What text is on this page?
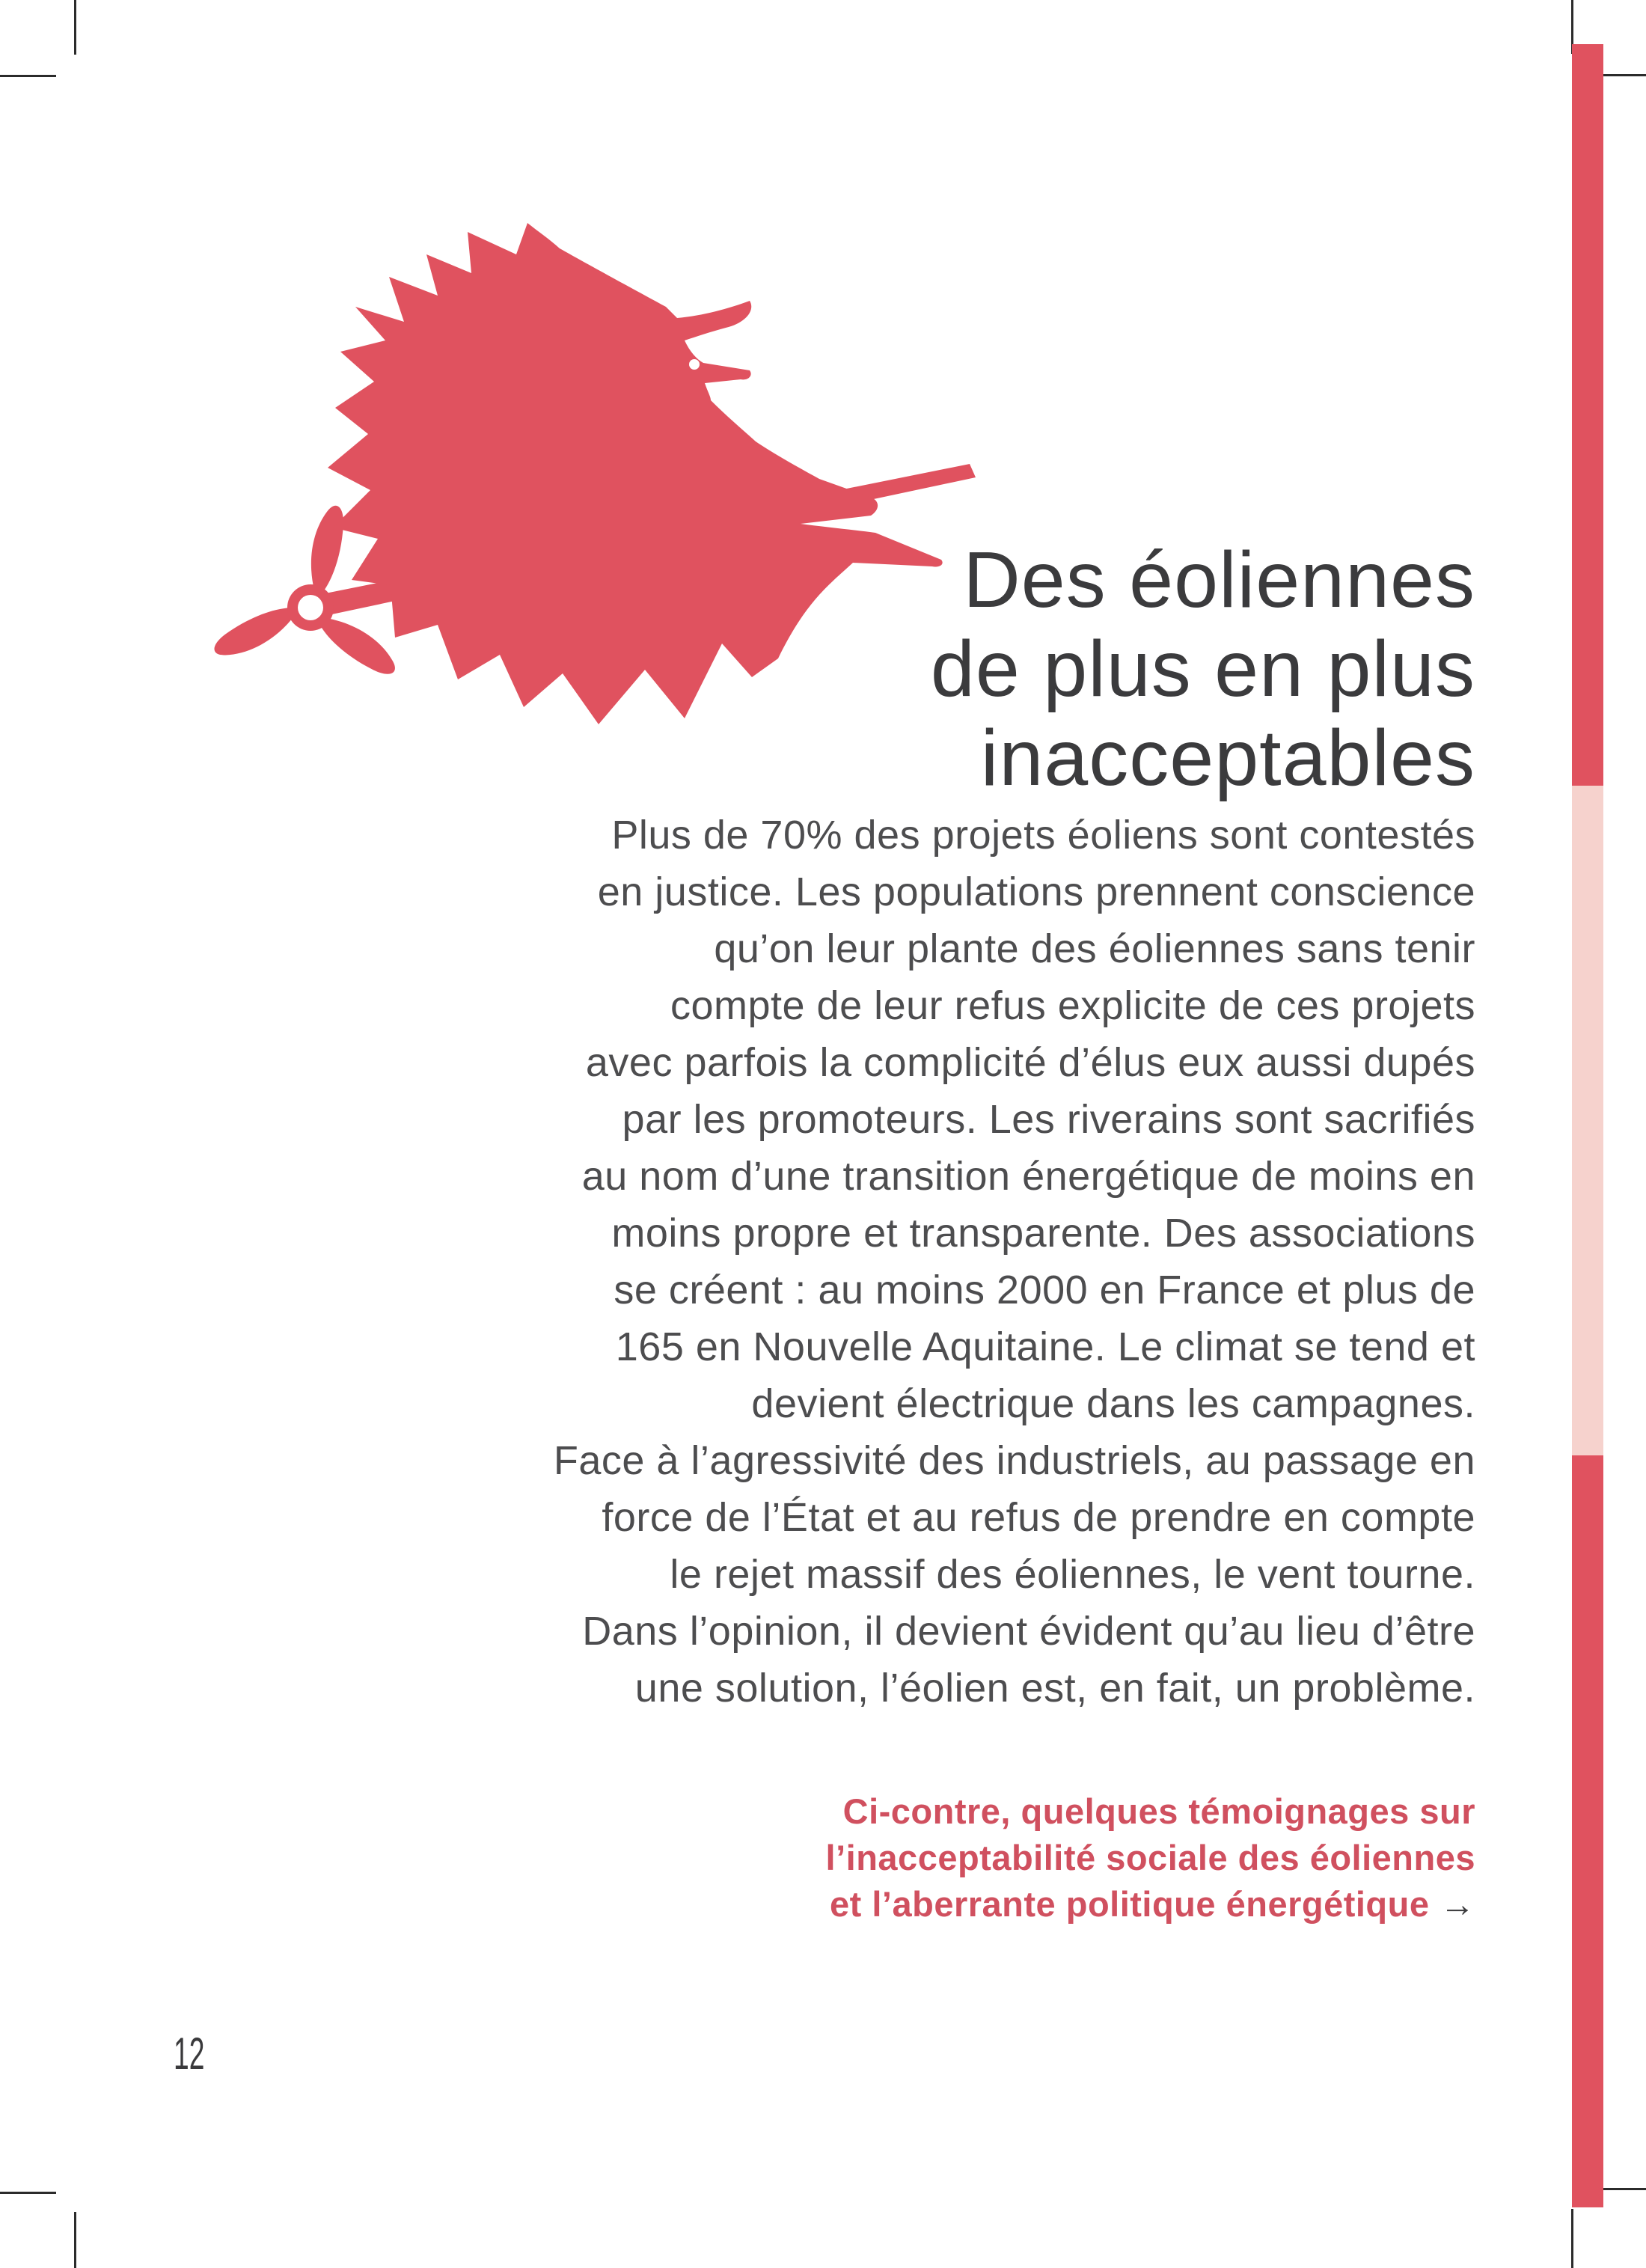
Des éoliennes
de plus en plus
inacceptables
Plus de 70% des projets éoliens sont contestés
en justice. Les populations prennent conscience
qu’on leur plante des éoliennes sans tenir
compte de leur refus explicite de ces projets
avec parfois la complicité d’élus eux aussi dupés
par les promoteurs. Les riverains sont sacrifiés
au nom d’une transition énergétique de moins en
moins propre et transparente. Des associations
se créent : au moins 2000 en France et plus de
165 en Nouvelle Aquitaine. Le climat se tend et
devient électrique dans les campagnes.
Face à l’agressivité des industriels, au passage en
force de l’État et au refus de prendre en compte
le rejet massif des éoliennes, le vent tourne.
Dans l’opinion, il devient évident qu’au lieu d’être
une solution, l’éolien est, en fait, un problème.
Ci-contre, quelques témoignages sur
l’inacceptabilité sociale des éoliennes
et l’aberrante politique énergétique →
12
